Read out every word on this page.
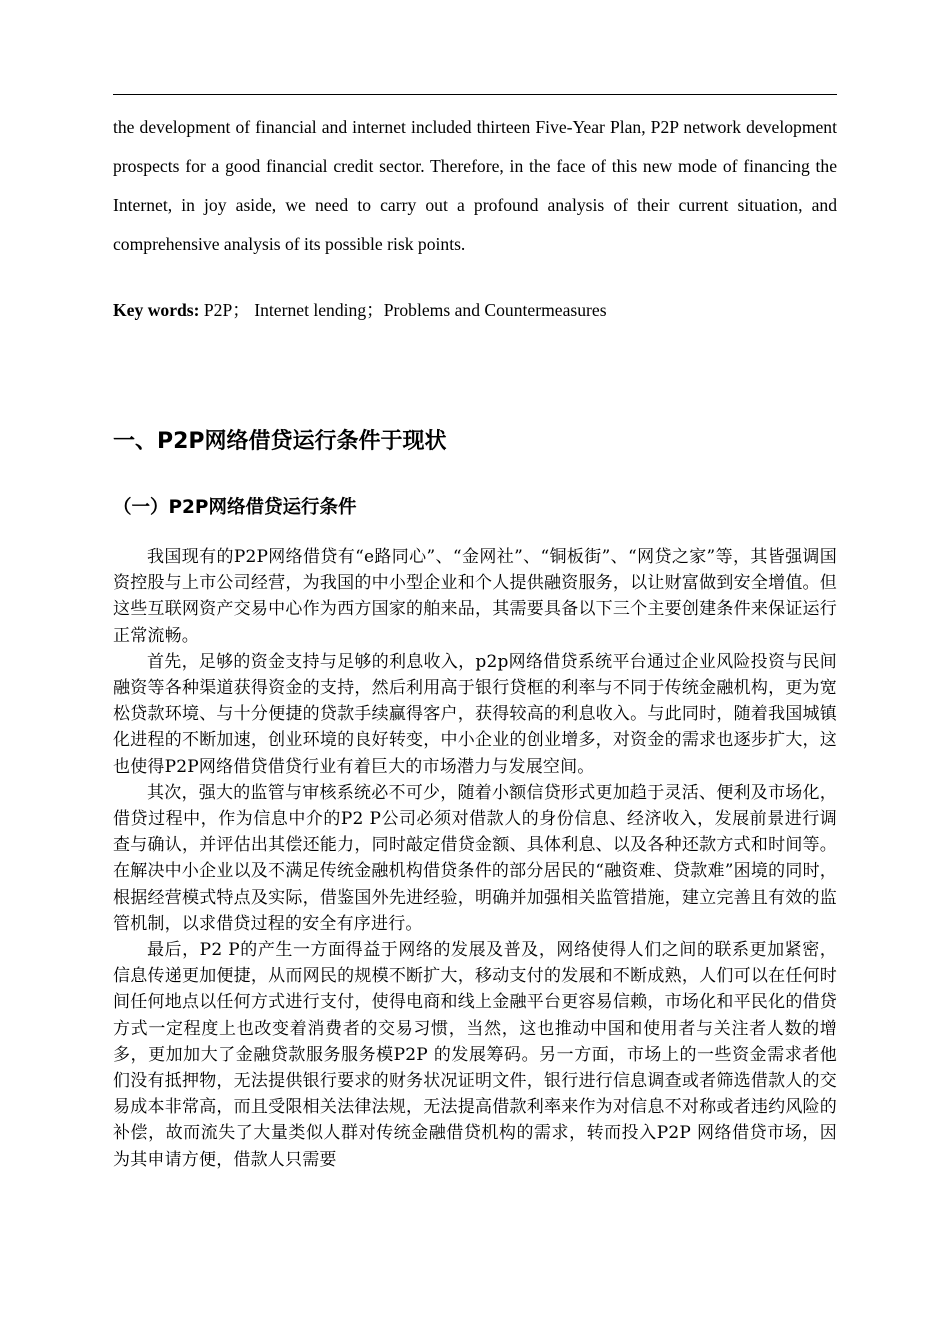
the development of financial and internet included thirteen Five-Year Plan, P2P network development prospects for a good financial credit sector. Therefore, in the face of this new mode of financing the Internet, in joy aside, we need to carry out a profound analysis of their current situation, and comprehensive analysis of its possible risk points.

Key words: P2P； Internet lending；Problems and Countermeasures

一、P2P网络借贷运行条件于现状
（一）P2P网络借贷运行条件

我国现有的P2P网络借贷有“e路同心”、“金网社”、“铜板街”、“网贷之家”等，其皆强调国资控股与上市公司经营，为我国的中小型企业和个人提供融资服务，以让财富做到安全增值。但这些互联网资产交易中心作为西方国家的舶来品，其需要具备以下三个主要创建条件来保证运行正常流畅。

首先，足够的资金支持与足够的利息收入，p2p网络借贷系统平台通过企业风险投资与民间融资等各种渠道获得资金的支持，然后利用高于银行贷框的利率与不同于传统金融机构，更为宽松贷款环境、与十分便捷的贷款手续赢得客户，获得较高的利息收入。与此同时，随着我国城镇化进程的不断加速，创业环境的良好转变，中小企业的创业增多，对资金的需求也逐步扩大，这也使得P2P网络借贷借贷行业有着巨大的市场潜力与发展空间。

其次，强大的监管与审核系统必不可少，随着小额信贷形式更加趋于灵活、便利及市场化，借贷过程中，作为信息中介的P2 P公司必须对借款人的身份信息、经济收入，发展前景进行调查与确认，并评估出其偿还能力，同时敲定借贷金额、具体利息、以及各种还款方式和时间等。在解决中小企业以及不满足传统金融机构借贷条件的部分居民的“融资难、贷款难”困境的同时，根据经营模式特点及实际，借鉴国外先进经验，明确并加强相关监管措施，建立完善且有效的监管机制，以求借贷过程的安全有序进行。

最后，P2 P的产生一方面得益于网络的发展及普及，网络使得人们之间的联系更加紧密，信息传递更加便捷，从而网民的规模不断扩大，移动支付的发展和不断成熟，人们可以在任何时间任何地点以任何方式进行支付，使得电商和线上金融平台更容易信赖，市场化和平民化的借贷方式一定程度上也改变着消费者的交易习惯，当然，这也推动中国和使用者与关注者人数的增多，更加加大了金融贷款服务服务模P2P 的发展筹码。另一方面，市场上的一些资金需求者他们没有抵押物，无法提供银行要求的财务状况证明文件，银行进行信息调查或者筛选借款人的交易成本非常高，而且受限相关法律法规，无法提高借款利率来作为对信息不对称或者违约风险的补偿，故而流失了大量类似人群对传统金融借贷机构的需求，转而投入P2P 网络借贷市场，因为其申请方便，借款人只需要
